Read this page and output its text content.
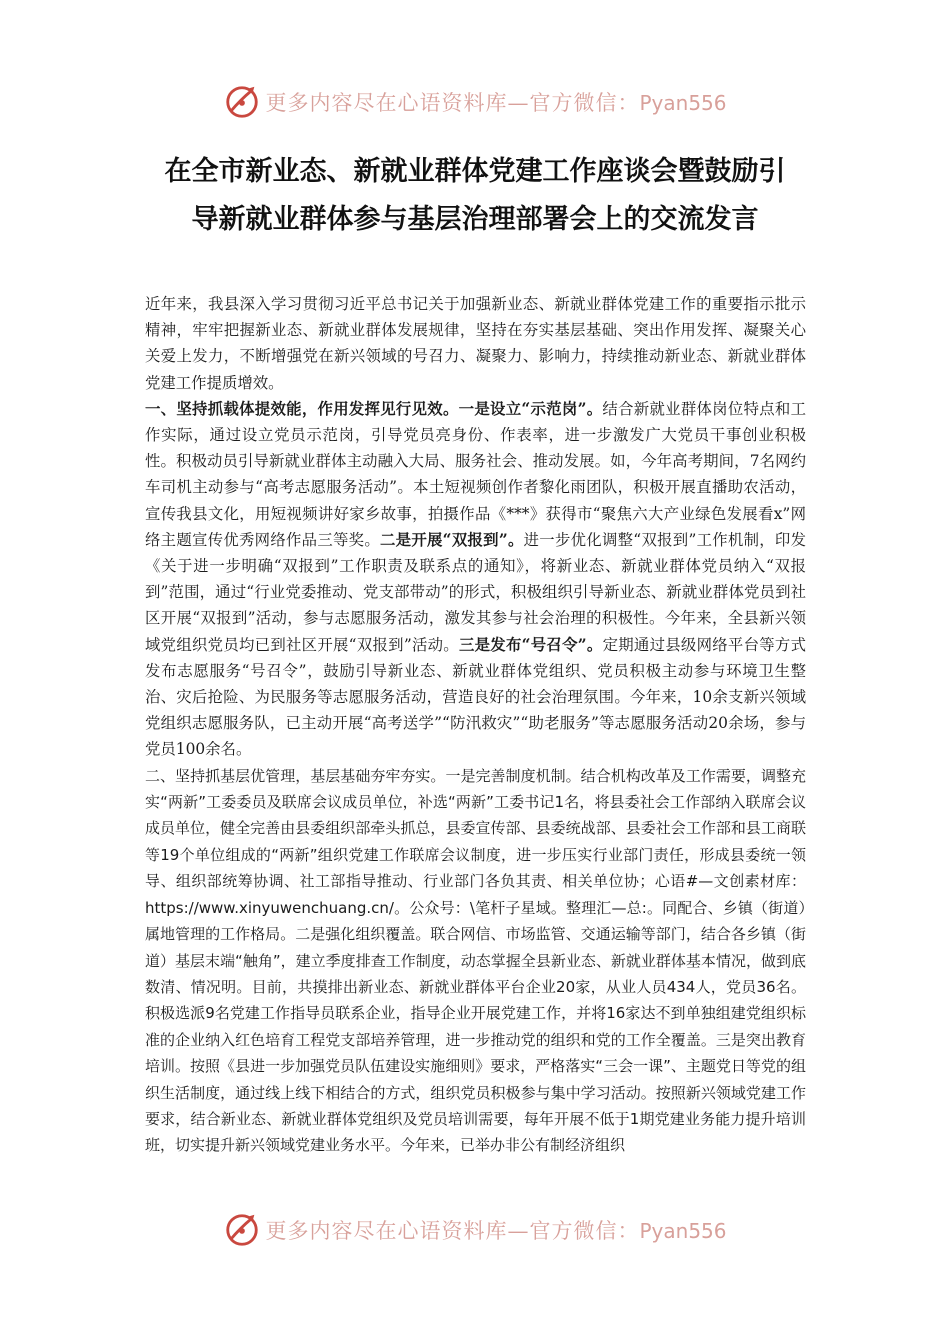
更多内容尽在心语资料库—官方微信：Pyan556
在全市新业态、新就业群体党建工作座谈会暨鼓励引
导新就业群体参与基层治理部署会上的交流发言

近年来，我县深入学习贯彻习近平总书记关于加强新业态、新就业群体党建工作的重要指示批示精神，牢牢把握新业态、新就业群体发展规律，坚持在夯实基层基础、突出作用发挥、凝聚关心关爱上发力，不断增强党在新兴领域的号召力、凝聚力、影响力，持续推动新业态、新就业群体党建工作提质增效。

一、坚持抓载体提效能，作用发挥见行见效。一是设立“示范岗”。结合新就业群体岗位特点和工作实际，通过设立党员示范岗，引导党员亮身份、作表率，进一步激发广大党员干事创业积极性。积极动员引导新就业群体主动融入大局、服务社会、推动发展。如，今年高考期间，7名网约车司机主动参与“高考志愿服务活动”。本土短视频创作者黎化雨团队，积极开展直播助农活动，宣传我县文化，用短视频讲好家乡故事，拍摄作品《***》获得市“聚焦六大产业绿色发展看x”网络主题宣传优秀网络作品三等奖。二是开展“双报到”。进一步优化调整“双报到”工作机制，印发《关于进一步明确“双报到”工作职责及联系点的通知》，将新业态、新就业群体党员纳入“双报到”范围，通过“行业党委推动、党支部带动”的形式，积极组织引导新业态、新就业群体党员到社区开展“双报到”活动，参与志愿服务活动，激发其参与社会治理的积极性。今年来，全县新兴领域党组织党员均已到社区开展“双报到”活动。三是发布“号召令”。定期通过县级网络平台等方式发布志愿服务“号召令”，鼓励引导新业态、新就业群体党组织、党员积极主动参与环境卫生整治、灾后抢险、为民服务等志愿服务活动，营造良好的社会治理氛围。今年来，10余支新兴领域党组织志愿服务队，已主动开展“高考送学”“防汛救灾”“助老服务”等志愿服务活动20余场，参与党员100余名。

二、坚持抓基层优管理，基层基础夯牢夯实。一是完善制度机制。结合机构改革及工作需要，调整充实“两新”工委委员及联席会议成员单位，补选“两新”工委书记1名，将县委社会工作部纳入联席会议成员单位，健全完善由县委组织部牵头抓总，县委宣传部、县委统战部、县委社会工作部和县工商联等19个单位组成的“两新”组织党建工作联席会议制度，进一步压实行业部门责任，形成县委统一领导、组织部统筹协调、社工部指导推动、行业部门各负其责、相关单位协；心语#—文创素材库：https://www.xinyuwenchuang.cn/。公众号：\笔杆子星域。整理汇—总:。同配合、乡镇（街道）属地管理的工作格局。二是强化组织覆盖。联合网信、市场监管、交通运输等部门，结合各乡镇（街道）基层末端“触角”，建立季度排查工作制度，动态掌握全县新业态、新就业群体基本情况，做到底数清、情况明。目前，共摸排出新业态、新就业群体平台企业20家，从业人员434人，党员36名。积极选派9名党建工作指导员联系企业，指导企业开展党建工作，并将16家达不到单独组建党组织标准的企业纳入红色培育工程党支部培养管理，进一步推动党的组织和党的工作全覆盖。三是突出教育培训。按照《县进一步加强党员队伍建设实施细则》要求，严格落实“三会一课”、主题党日等党的组织生活制度，通过线上线下相结合的方式，组织党员积极参与集中学习活动。按照新兴领域党建工作要求，结合新业态、新就业群体党组织及党员培训需要，每年开展不低于1期党建业务能力提升培训班，切实提升新兴领域党建业务水平。今年来，已举办非公有制经济组织

更多内容尽在心语资料库—官方微信：Pyan556
